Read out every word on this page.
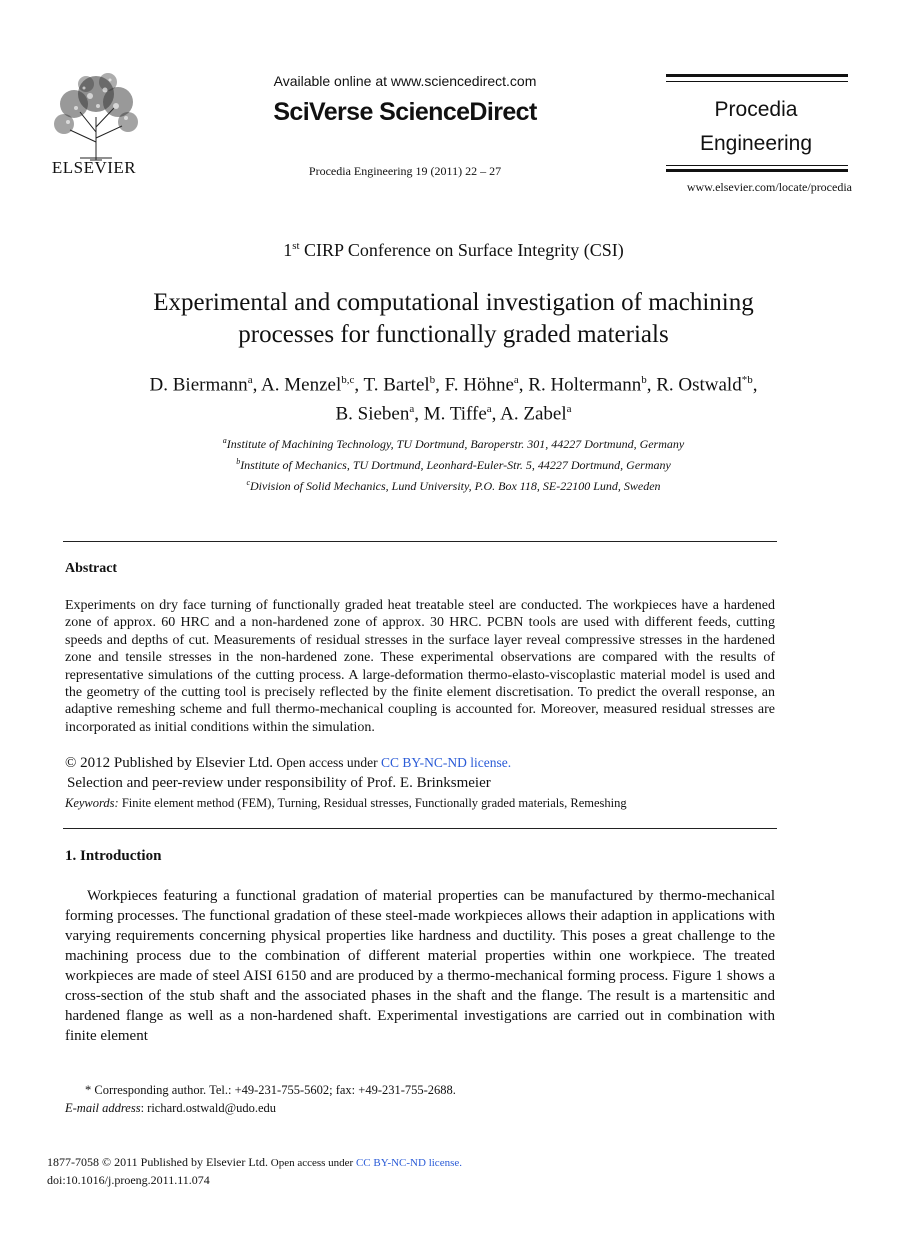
ELSEVIER
Available online at www.sciencedirect.com
SciVerse ScienceDirect
Procedia Engineering 19 (2011) 22 – 27
Procedia
Engineering
www.elsevier.com/locate/procedia
1st CIRP Conference on Surface Integrity (CSI)
Experimental and computational investigation of machining
processes for functionally graded materials
D. Biermann$^a$, A. Menzel$^{b,c}$, T. Bartel$^b$, F. Höhne$^a$, R. Holtermann$^b$, R. Ostwald$^{*b}$,
B. Sieben$^a$, M. Tiffe$^a$, A. Zabel$^a$
$^a$Institute of Machining Technology, TU Dortmund, Baroperstr. 301, 44227 Dortmund, Germany
$^b$Institute of Mechanics, TU Dortmund, Leonhard-Euler-Str. 5, 44227 Dortmund, Germany
$^c$Division of Solid Mechanics, Lund University, P.O. Box 118, SE-22100 Lund, Sweden
Abstract
Experiments on dry face turning of functionally graded heat treatable steel are conducted. The workpieces have a hardened zone of approx. 60 HRC and a non-hardened zone of approx. 30 HRC. PCBN tools are used with different feeds, cutting speeds and depths of cut. Measurements of residual stresses in the surface layer reveal compressive stresses in the hardened zone and tensile stresses in the non-hardened zone. These experimental observations are compared with the results of representative simulations of the cutting process. A large-deformation thermo-elasto-viscoplastic material model is used and the geometry of the cutting tool is precisely reflected by the finite element discretisation. To predict the overall response, an adaptive remeshing scheme and full thermo-mechanical coupling is accounted for. Moreover, measured residual stresses are incorporated as initial conditions within the simulation.
© 2012 Published by Elsevier Ltd. Open access under CC BY-NC-ND license.
Selection and peer-review under responsibility of Prof. E. Brinksmeier
Keywords: Finite element method (FEM), Turning, Residual stresses, Functionally graded materials, Remeshing
1. Introduction
Workpieces featuring a functional gradation of material properties can be manufactured by thermo-mechanical forming processes. The functional gradation of these steel-made workpieces allows their adaption in applications with varying requirements concerning physical properties like hardness and ductility. This poses a great challenge to the machining process due to the combination of different material properties within one workpiece. The treated workpieces are made of steel AISI 6150 and are produced by a thermo-mechanical forming process. Figure 1 shows a cross-section of the stub shaft and the associated phases in the shaft and the flange. The result is a martensitic and hardened flange as well as a non-hardened shaft. Experimental investigations are carried out in combination with finite element
* Corresponding author. Tel.: +49-231-755-5602; fax: +49-231-755-2688.
E-mail address: richard.ostwald@udo.edu
1877-7058 © 2011 Published by Elsevier Ltd. Open access under CC BY-NC-ND license.
doi:10.1016/j.proeng.2011.11.074
